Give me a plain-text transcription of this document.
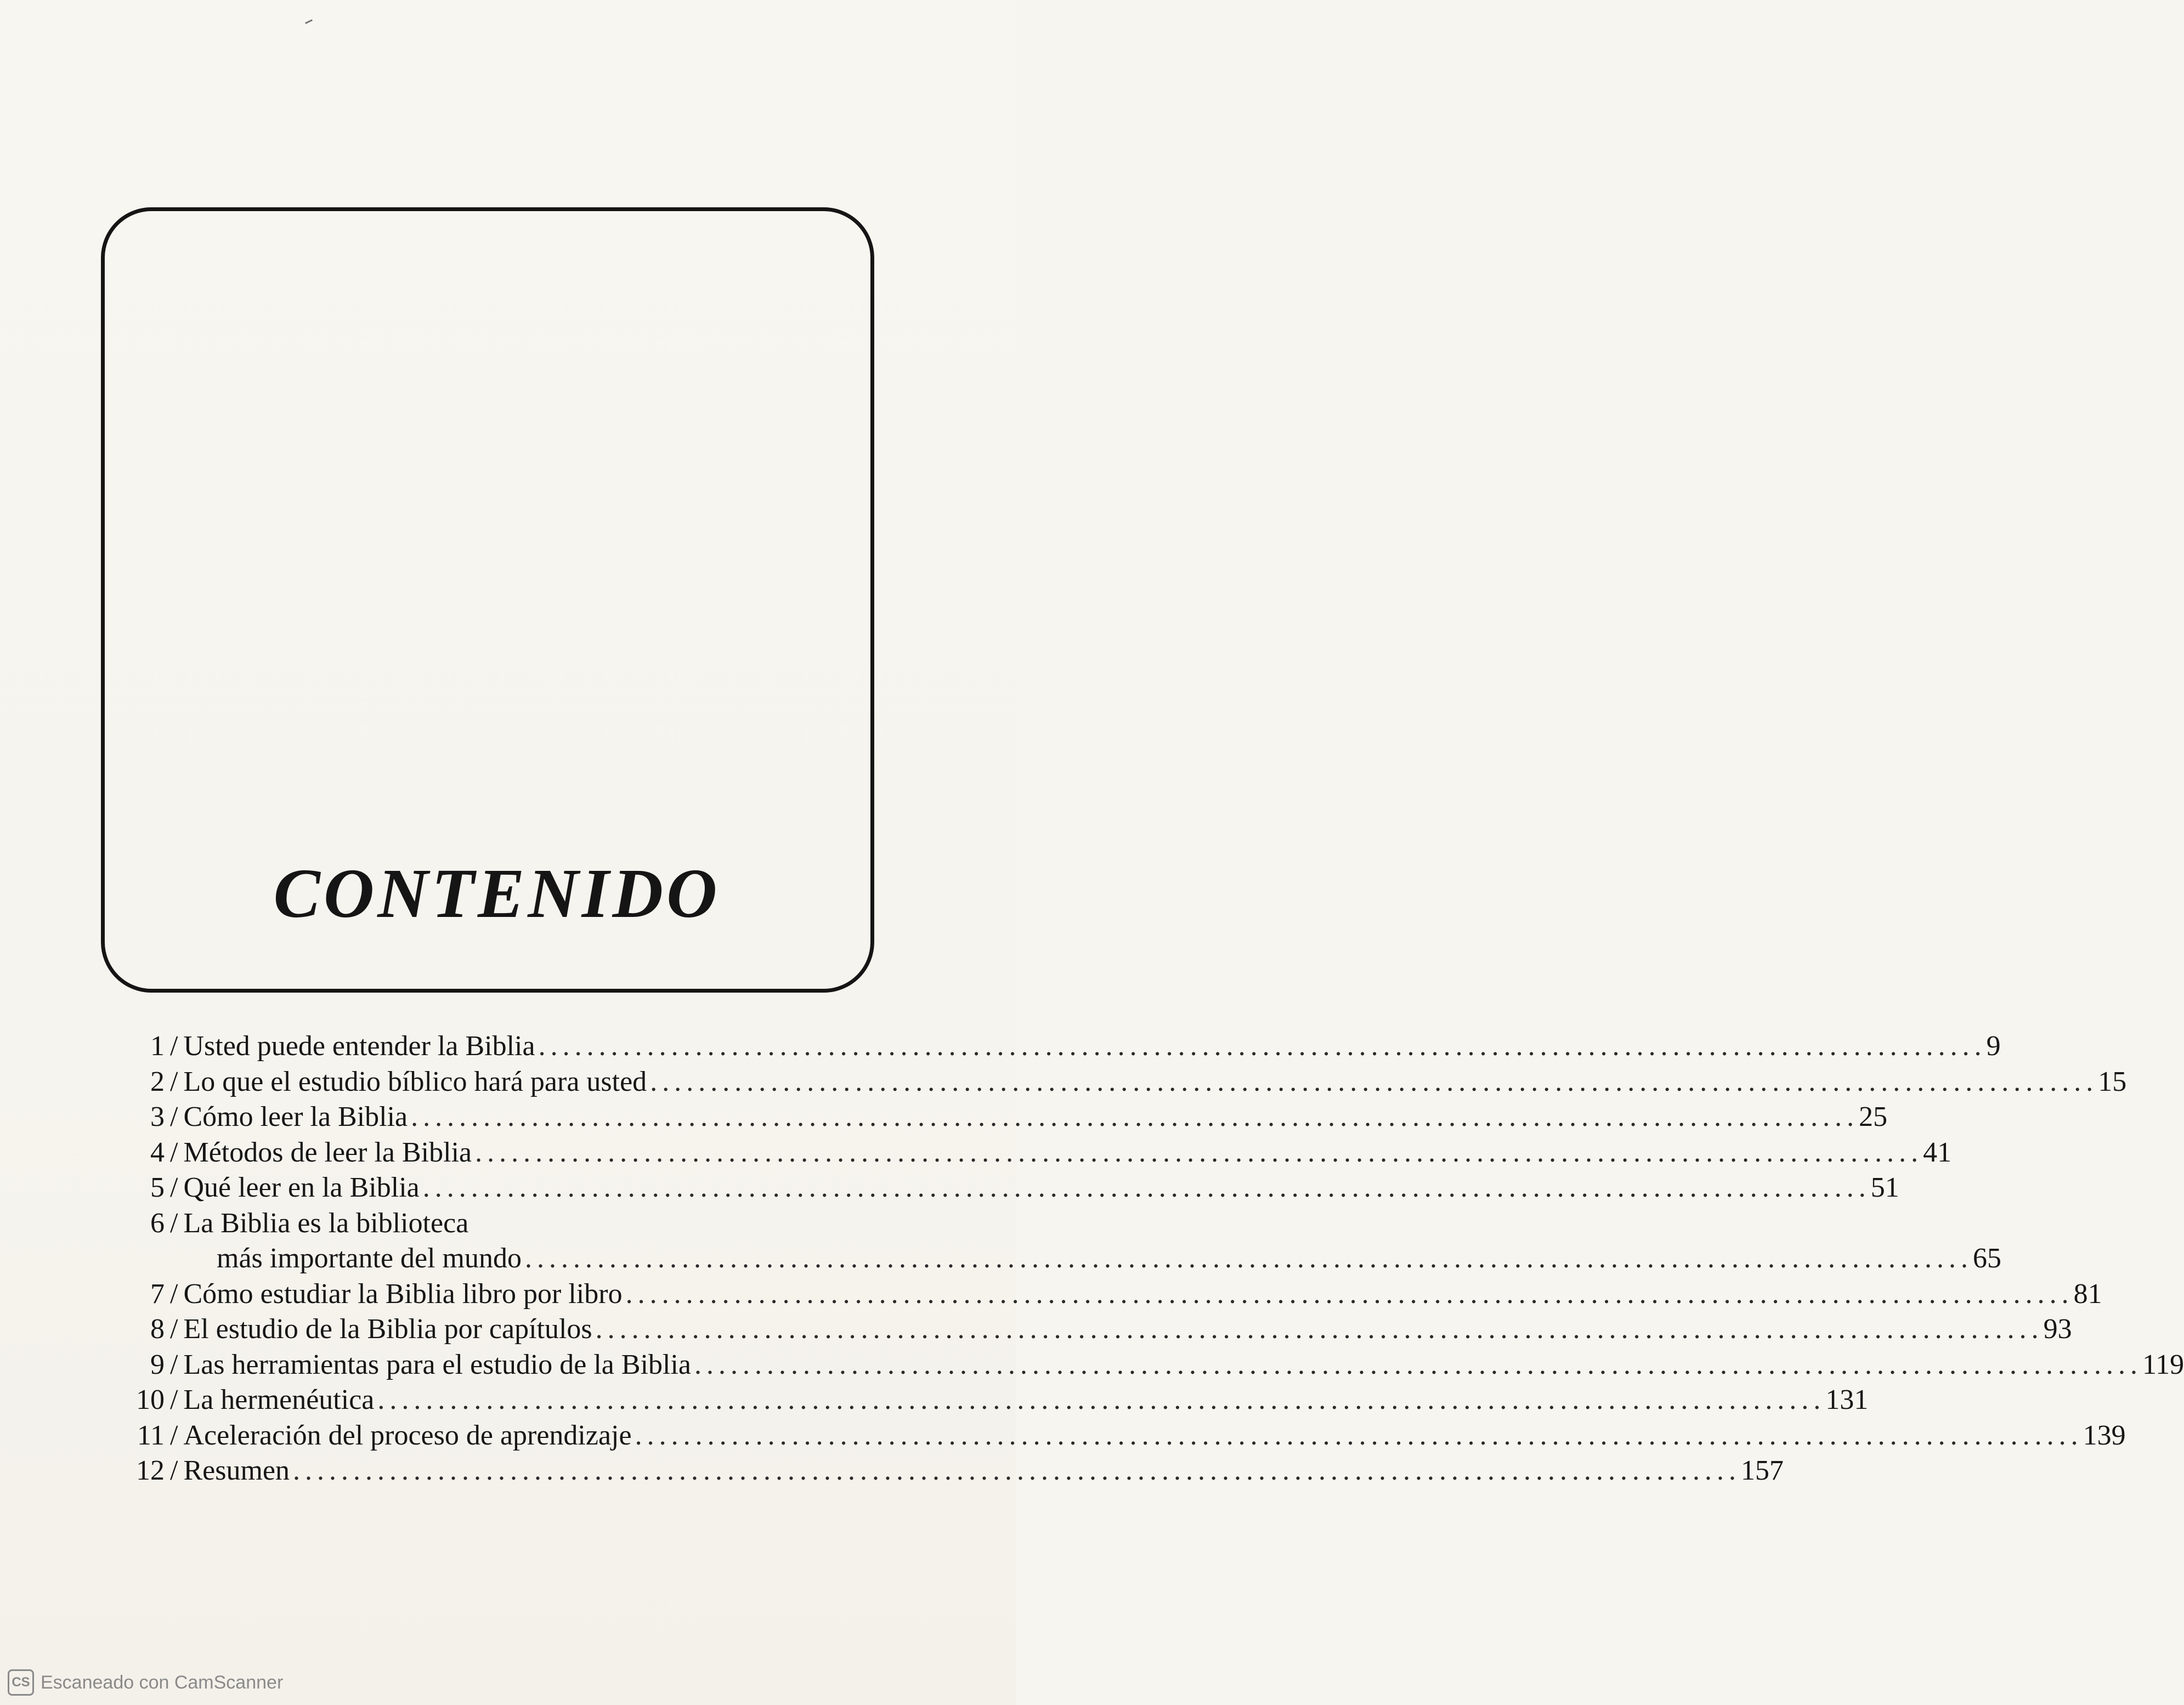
CONTENIDO
1 / Usted puede entender la Biblia ........................................................................................................................ 9
2 / Lo que el estudio bíblico hará para usted ........................................................................................................................ 15
3 / Cómo leer la Biblia ........................................................................................................................ 25
4 / Métodos de leer la Biblia ........................................................................................................................ 41
5 / Qué leer en la Biblia ........................................................................................................................ 51
6 / La Biblia es la biblioteca
más importante del mundo ........................................................................................................................ 65
7 / Cómo estudiar la Biblia libro por libro ........................................................................................................................ 81
8 / El estudio de la Biblia por capítulos ........................................................................................................................ 93
9 / Las herramientas para el estudio de la Biblia ........................................................................................................................ 119
10 / La hermenéutica ........................................................................................................................ 131
11 / Aceleración del proceso de aprendizaje ........................................................................................................................ 139
12 / Resumen ........................................................................................................................ 157
CS Escaneado con CamScanner
